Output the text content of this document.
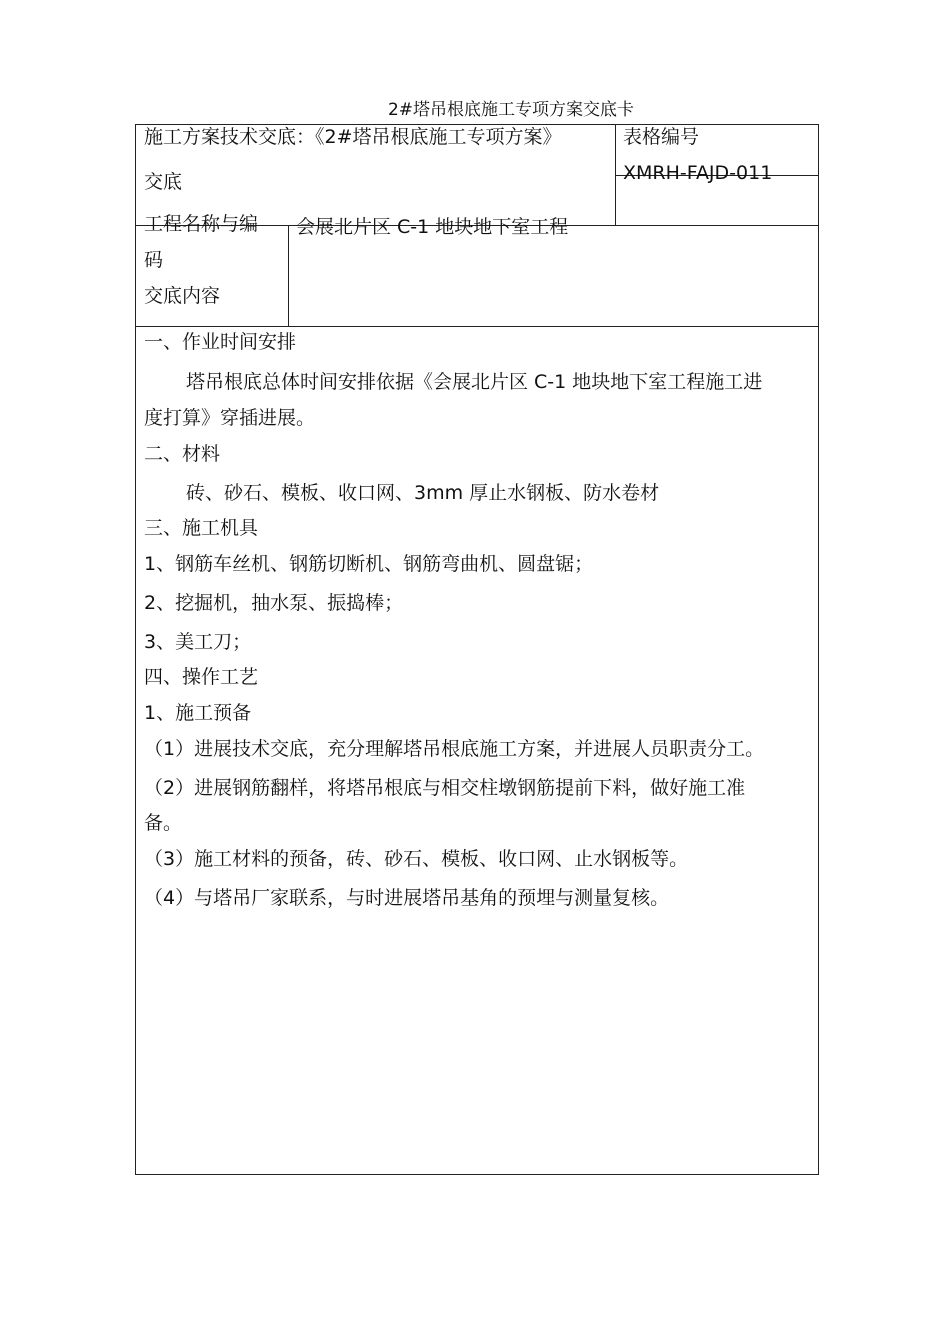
2#塔吊根底施工专项方案交底卡
施工方案技术交底：《2#塔吊根底施工专项方案》
交底
表格编号
XMRH-FAJD-011
工程名称与编
码
交底内容
会展北片区 C-1 地块地下室工程
一、作业时间安排
塔吊根底总体时间安排依据《会展北片区 C-1 地块地下室工程施工进
度打算》穿插进展。
二、材料
砖、砂石、模板、收口网、3mm 厚止水钢板、防水卷材
三、施工机具
1、钢筋车丝机、钢筋切断机、钢筋弯曲机、圆盘锯；
2、挖掘机，抽水泵、振捣棒；
3、美工刀；
四、操作工艺
1、施工预备
（1）进展技术交底，充分理解塔吊根底施工方案，并进展人员职责分工。
（2）进展钢筋翻样，将塔吊根底与相交柱墩钢筋提前下料，做好施工准
备。
（3）施工材料的预备，砖、砂石、模板、收口网、止水钢板等。
（4）与塔吊厂家联系，与时进展塔吊基角的预埋与测量复核。
